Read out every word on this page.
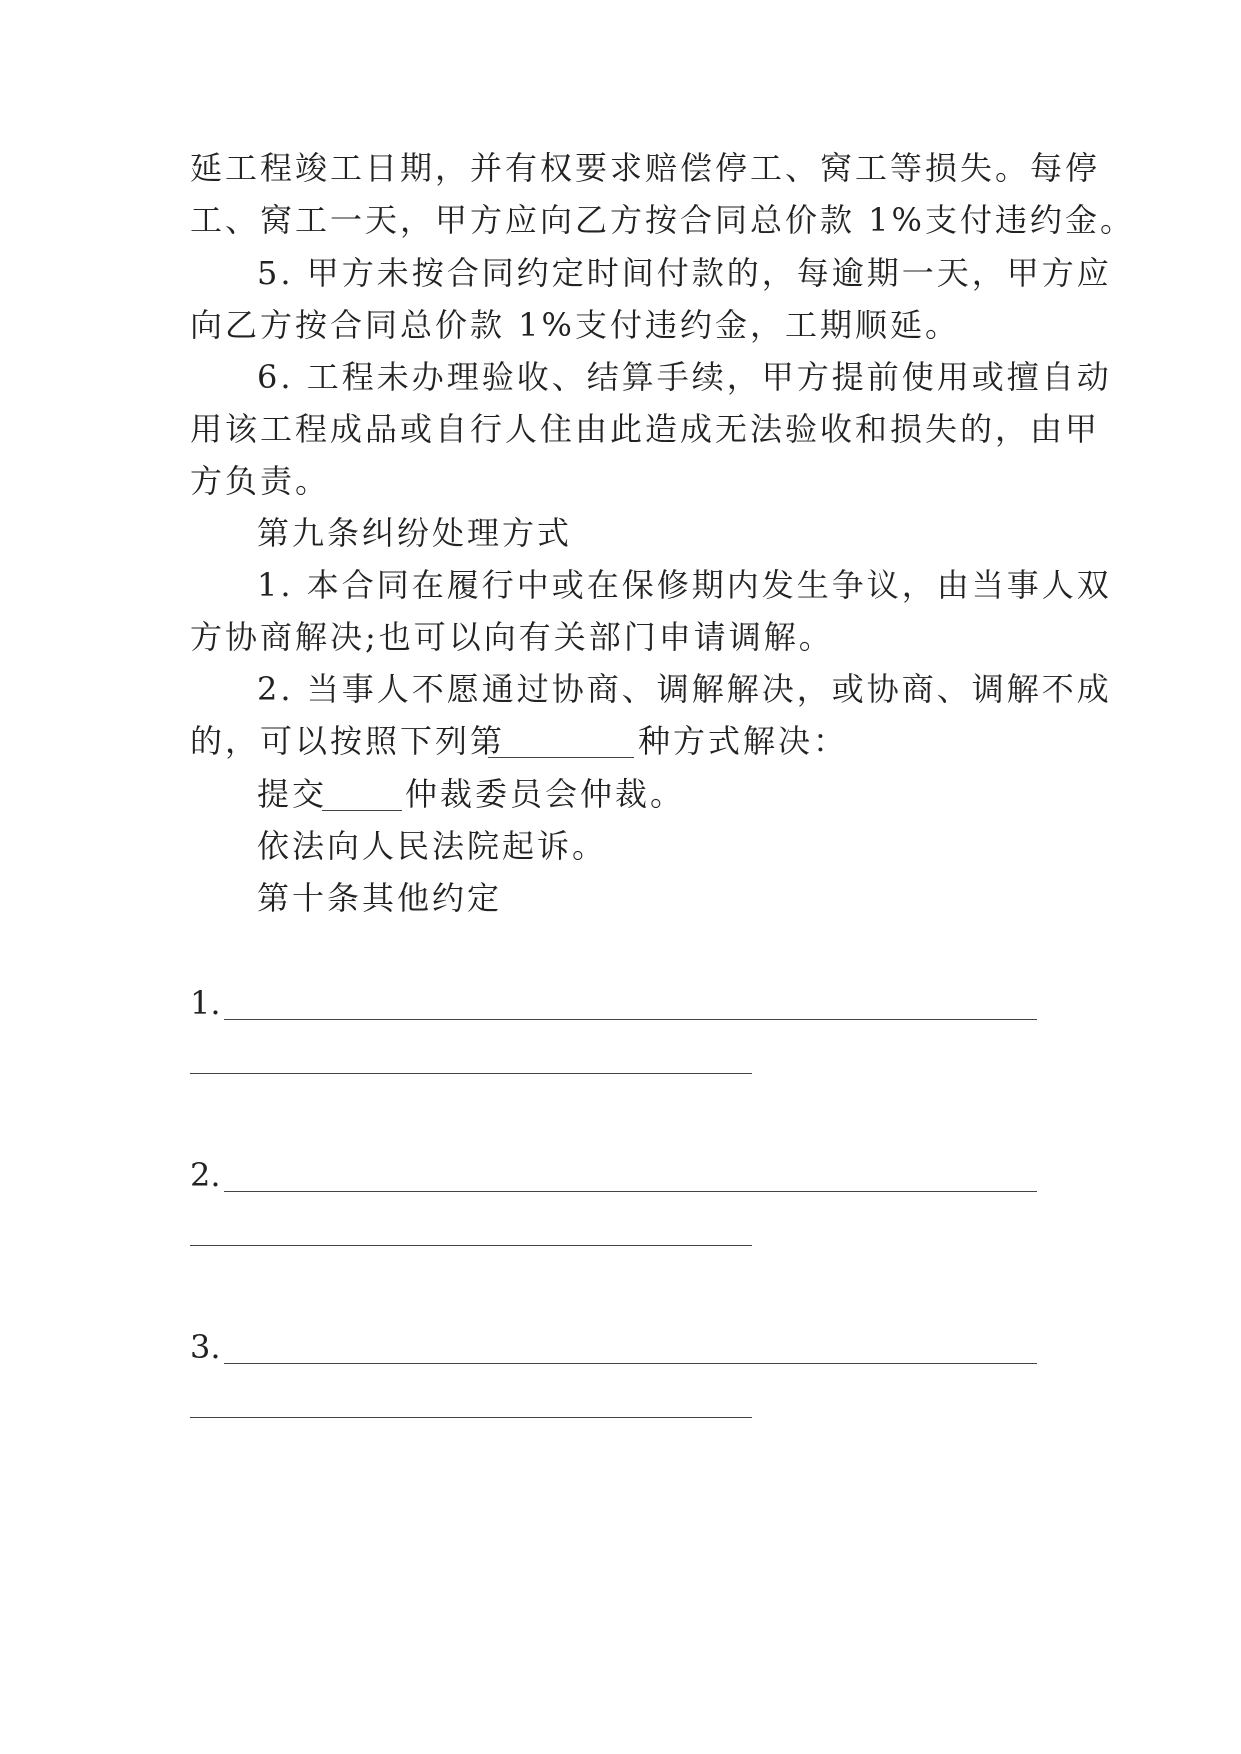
延工程竣工日期，并有权要求赔偿停工、窝工等损失。每停
工、窝工一天，甲方应向乙方按合同总价款 1%支付违约金。
5. 甲方未按合同约定时间付款的，每逾期一天，甲方应
向乙方按合同总价款 1%支付违约金，工期顺延。
6. 工程未办理验收、结算手续，甲方提前使用或擅自动
用该工程成品或自行人住由此造成无法验收和损失的，由甲
方负责。
第九条纠纷处理方式
1. 本合同在履行中或在保修期内发生争议，由当事人双
方协商解决;也可以向有关部门申请调解。
2. 当事人不愿通过协商、调解解决，或协商、调解不成
的，可以按照下列第	种方式解决：
提交 仲裁委员会仲裁。
依法向人民法院起诉。
第十条其他约定
1.
2.
3.
